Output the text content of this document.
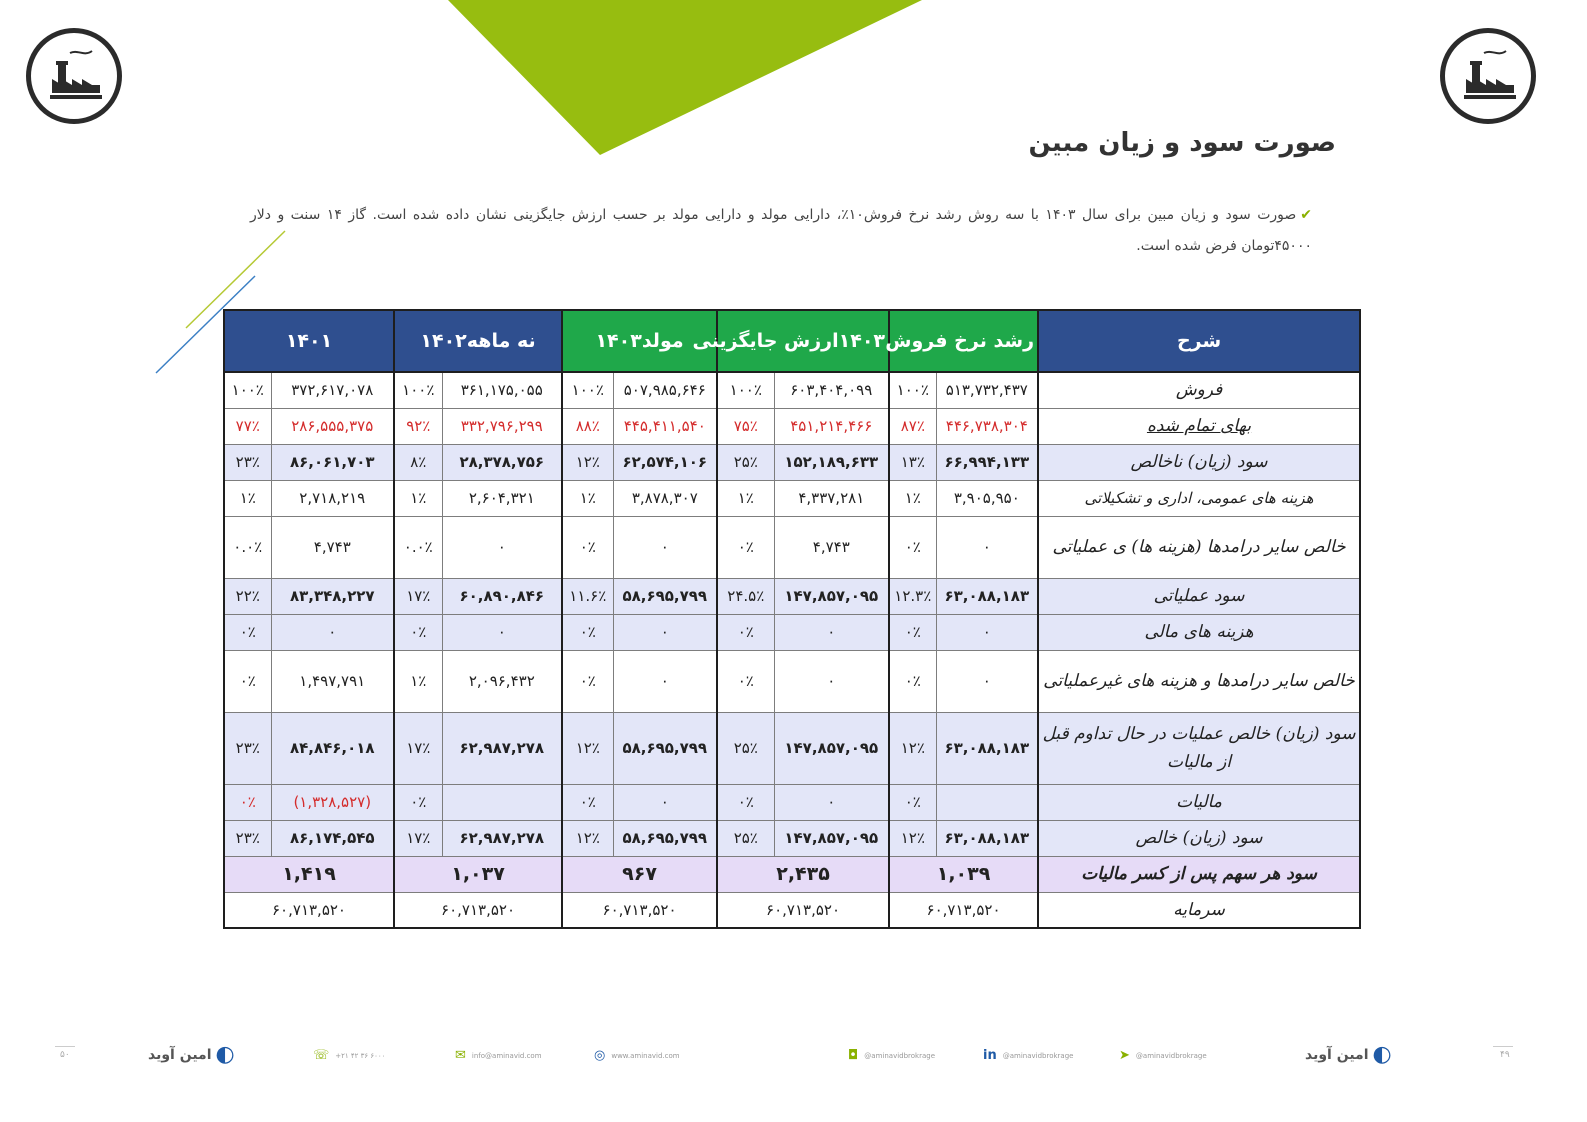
صورت سود و زیان مبین
✔صورت سود و زیان مبین برای سال ۱۴۰۳ با سه روش رشد نرخ فروش۱۰٪، دارایی مولد و دارایی مولد بر حسب ارزش جایگزینی نشان داده شده است. گاز ۱۴ سنت و دلار ۴۵۰۰۰تومان فرض شده است.
شرح	رشد نرخ فروش		۱۴۰۳ارزش جایگزینی		مولد۱۴۰۳		نه ماهه۱۴۰۲		۱۴۰۱	
فروش	۵۱۳,۷۳۲,۴۳۷	۱۰۰٪	۶۰۳,۴۰۴,۰۹۹	۱۰۰٪	۵۰۷,۹۸۵,۶۴۶	۱۰۰٪	۳۶۱,۱۷۵,۰۵۵	۱۰۰٪	۳۷۲,۶۱۷,۰۷۸	۱۰۰٪
بهای تمام شده	۴۴۶,۷۳۸,۳۰۴	۸۷٪	۴۵۱,۲۱۴,۴۶۶	۷۵٪	۴۴۵,۴۱۱,۵۴۰	۸۸٪	۳۳۲,۷۹۶,۲۹۹	۹۲٪	۲۸۶,۵۵۵,۳۷۵	۷۷٪
سود (زیان) ناخالص	۶۶,۹۹۴,۱۳۳	۱۳٪	۱۵۲,۱۸۹,۶۳۳	۲۵٪	۶۲,۵۷۴,۱۰۶	۱۲٪	۲۸,۳۷۸,۷۵۶	۸٪	۸۶,۰۶۱,۷۰۳	۲۳٪
هزینه های عمومی، اداری و تشکیلاتی	۳,۹۰۵,۹۵۰	۱٪	۴,۳۳۷,۲۸۱	۱٪	۳,۸۷۸,۳۰۷	۱٪	۲,۶۰۴,۳۲۱	۱٪	۲,۷۱۸,۲۱۹	۱٪
خالص سایر درامدها (هزینه ها) ی عملیاتی	۰	۰٪	۴,۷۴۳	۰٪	۰	۰٪	۰	۰.۰٪	۴,۷۴۳	۰.۰٪
سود عملیاتی	۶۳,۰۸۸,۱۸۳	۱۲.۳٪	۱۴۷,۸۵۷,۰۹۵	۲۴.۵٪	۵۸,۶۹۵,۷۹۹	۱۱.۶٪	۶۰,۸۹۰,۸۴۶	۱۷٪	۸۳,۳۴۸,۲۲۷	۲۲٪
هزینه های مالی	۰	۰٪	۰	۰٪	۰	۰٪	۰	۰٪	۰	۰٪
خالص سایر درامدها و هزینه های غیرعملیاتی	۰	۰٪	۰	۰٪	۰	۰٪	۲,۰۹۶,۴۳۲	۱٪	۱,۴۹۷,۷۹۱	۰٪
سود (زیان) خالص عملیات در حال تداوم قبل از مالیات	۶۳,۰۸۸,۱۸۳	۱۲٪	۱۴۷,۸۵۷,۰۹۵	۲۵٪	۵۸,۶۹۵,۷۹۹	۱۲٪	۶۲,۹۸۷,۲۷۸	۱۷٪	۸۴,۸۴۶,۰۱۸	۲۳٪
مالیات		۰٪	۰	۰٪	۰	۰٪		۰٪	(۱,۳۲۸,۵۲۷)	۰٪
سود (زیان) خالص	۶۳,۰۸۸,۱۸۳	۱۲٪	۱۴۷,۸۵۷,۰۹۵	۲۵٪	۵۸,۶۹۵,۷۹۹	۱۲٪	۶۲,۹۸۷,۲۷۸	۱۷٪	۸۶,۱۷۴,۵۴۵	۲۳٪
سود هر سهم پس از کسر مالیات	۱,۰۳۹		۲,۴۳۵		۹۶۷		۱,۰۳۷		۱,۴۱۹	
سرمایه	۶۰,۷۱۳,۵۲۰		۶۰,۷۱۳,۵۲۰		۶۰,۷۱۳,۵۲۰		۶۰,۷۱۳,۵۲۰		۶۰,۷۱۳,۵۲۰	
۵۰	◐
امین آوید	☏ +۲۱ ۴۲ ۳۶ ۶۰۰۰	✉ info@aminavid.com	◎ www.aminavid.com	◘ @aminavidbrokrage	in @aminavidbrokrage	➤ @aminavidbrokrage	◐
امین آوید	۴۹
